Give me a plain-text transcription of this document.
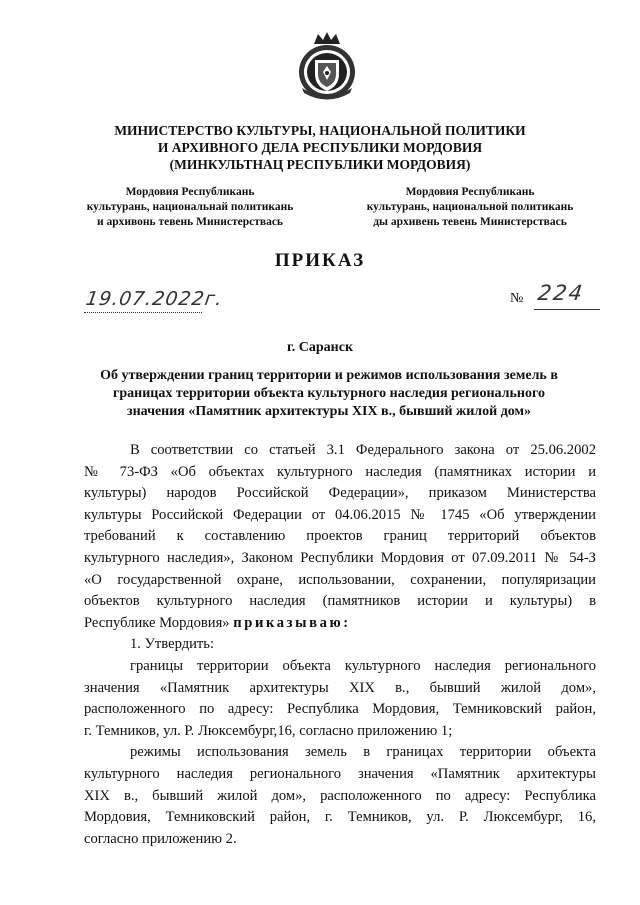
МИНИСТЕРСТВО КУЛЬТУРЫ, НАЦИОНАЛЬНОЙ ПОЛИТИКИ
И АРХИВНОГО ДЕЛА РЕСПУБЛИКИ МОРДОВИЯ
(МИНКУЛЬТНАЦ РЕСПУБЛИКИ МОРДОВИЯ)
Мордовия Республикань
культурань, национальнай политикань
и архивонь тевень Министерствась
Мордовия Республикань
культурань, национальной политикань
ды архивень тевень Министерствась
ПРИКАЗ
19.07.2022г.	№ 224
г. Саранск
Об утверждении границ территории и режимов использования земель в
границах территории объекта культурного наследия регионального
значения «Памятник архитектуры XIX в., бывший жилой дом»
В соответствии со статьей 3.1 Федерального закона от 25.06.2002
№ 73-ФЗ «Об объектах культурного наследия (памятниках истории и
культуры) народов Российской Федерации», приказом Министерства
культуры Российской Федерации от 04.06.2015 № 1745 «Об утверждении
требований к составлению проектов границ территорий объектов
культурного наследия», Законом Республики Мордовия от 07.09.2011 № 54-З
«О государственной охране, использовании, сохранении, популяризации
объектов культурного наследия (памятников истории и культуры) в
Республике Мордовия» приказываю:
1. Утвердить:
границы территории объекта культурного наследия регионального
значения «Памятник архитектуры XIX в., бывший жилой дом»,
расположенного по адресу: Республика Мордовия, Темниковский район,
г. Темников, ул. Р. Люксембург,16, согласно приложению 1;
режимы использования земель в границах территории объекта
культурного наследия регионального значения «Памятник архитектуры
XIX в., бывший жилой дом», расположенного по адресу: Республика
Мордовия, Темниковский район, г. Темников, ул. Р. Люксембург, 16,
согласно приложению 2.
